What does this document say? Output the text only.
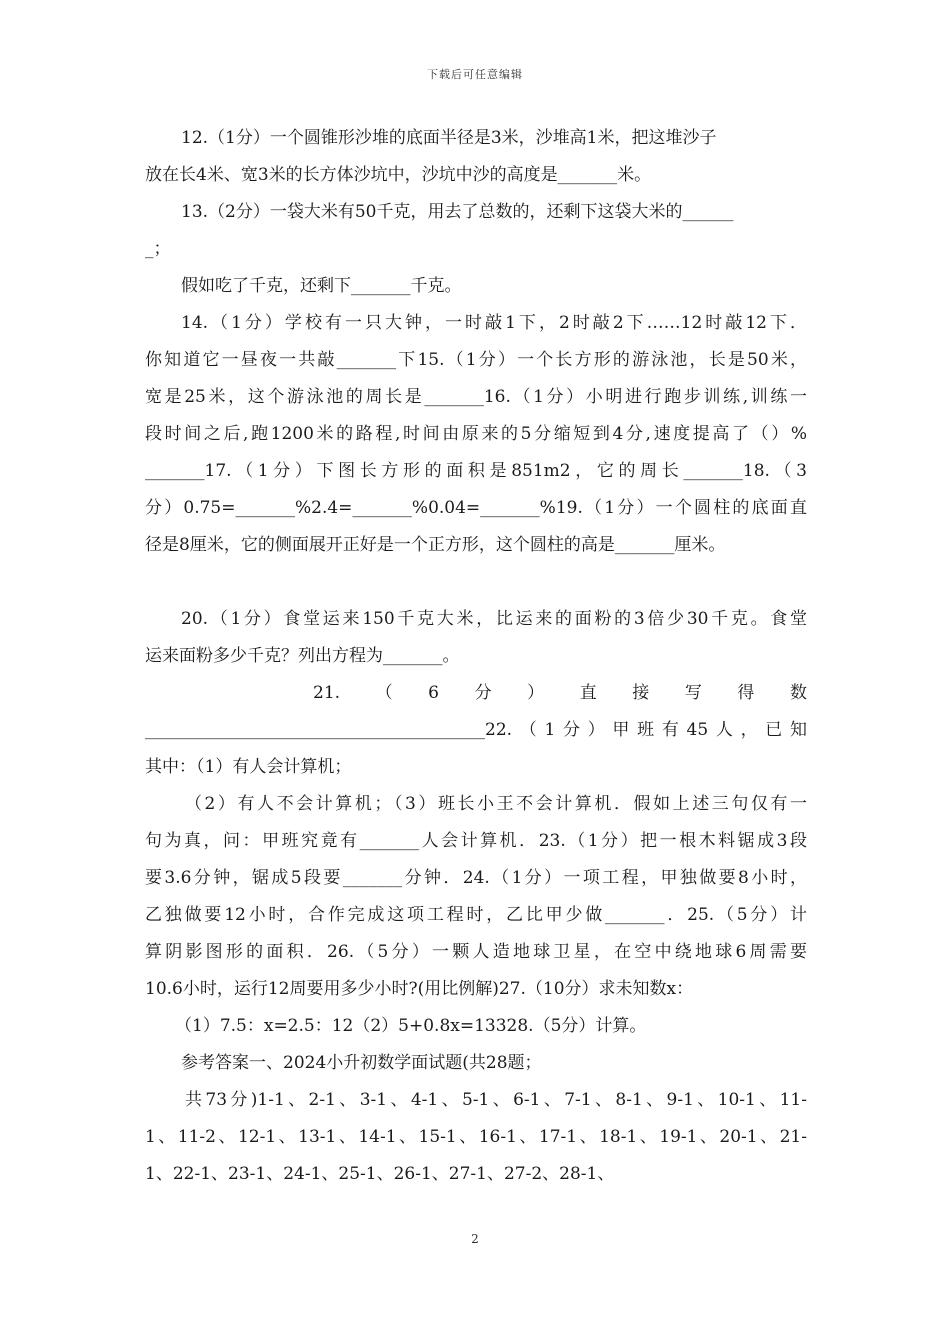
下载后可任意编辑
12.（1分）一个圆锥形沙堆的底面半径是3米，沙堆高1米，把这堆沙子
放在长4米、宽3米的长方体沙坑中，沙坑中沙的高度是_______米。
13.（2分）一袋大米有50千克，用去了总数的，还剩下这袋大米的______
_；
假如吃了千克，还剩下_______千克。
14.（1分）学校有一只大钟，一时敲1下，2时敲2下……12时敲12下．
你知道它一昼夜一共敲_______下15.（1分）一个长方形的游泳池，长是50米，
宽是25米，这个游泳池的周长是_______16.（1分）小明进行跑步训练,训练一
段时间之后,跑1200米的路程,时间由原来的5分缩短到4分,速度提高了（）%
_______17.（1分）下图长方形的面积是851m2，它的周长_______18.（3
分）0.75=_______%2.4=_______%0.04=_______%19.（1分）一个圆柱的底面直
径是8厘米，它的侧面展开正好是一个正方形，这个圆柱的高是_______厘米。
20.（1分）食堂运来150千克大米，比运来的面粉的3倍少30千克。食堂
运来面粉多少千克？列出方程为_______。
21. （ 6 分 ） 直 接 写 得 数
________________________________________22.（1分）甲班有45人，已知
其中：（1）有人会计算机；
（2）有人不会计算机；（3）班长小王不会计算机．假如上述三句仅有一
句为真，问：甲班究竟有_______人会计算机．23.（1分）把一根木料锯成3段
要3.6分钟，锯成5段要_______分钟．24.（1分）一项工程，甲独做要8小时，
乙独做要12小时，合作完成这项工程时，乙比甲少做_______．25.（5分）计
算阴影图形的面积．26.（5分）一颗人造地球卫星，在空中绕地球6周需要
10.6小时，运行12周要用多少小时?(用比例解)27.（10分）求未知数x：
（1）7.5：x=2.5：12（2）5+0.8x=13328.（5分）计算。
参考答案一、2024小升初数学面试题(共28题；
共73分)1-1、2-1、3-1、4-1、5-1、6-1、7-1、8-1、9-1、10-1、11-
1、11-2、12-1、13-1、14-1、15-1、16-1、17-1、18-1、19-1、20-1、21-
1、22-1、23-1、24-1、25-1、26-1、27-1、27-2、28-1、
2
